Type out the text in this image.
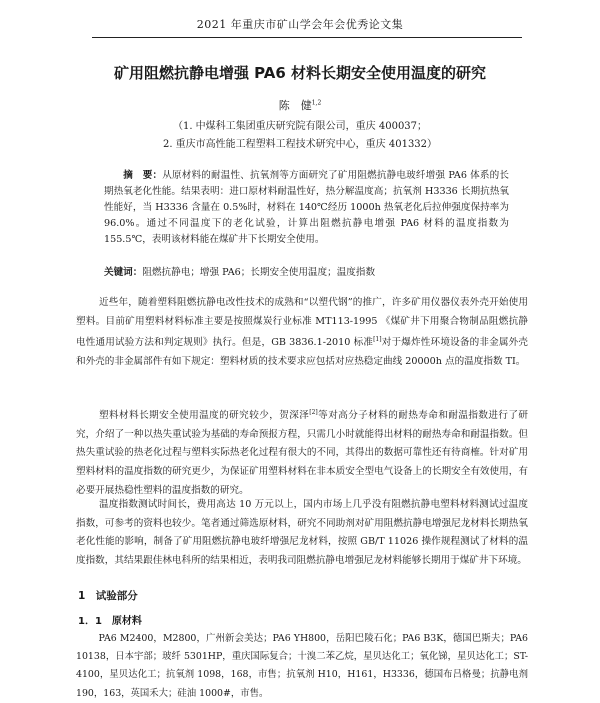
2021 年重庆市矿山学会年会优秀论文集
矿用阻燃抗静电增强 PA6 材料长期安全使用温度的研究
陈　健$^{1,2}$
（1. 中煤科工集团重庆研究院有限公司，重庆 400037；
2. 重庆市高性能工程塑料工程技术研究中心，重庆 401332）
摘　要：从原材料的耐温性、抗氧剂等方面研究了矿用阻燃抗静电玻纤增强 PA6 体系的长期热氧老化性能。结果表明：进口原材料耐温性好，热分解温度高；抗氧剂 H3336 长期抗热氧性能好，当 H3336 含量在 0.5%时，材料在 140℃经历 1000h 热氧老化后拉伸强度保持率为 96.0%。通过不同温度下的老化试验，计算出阻燃抗静电增强 PA6 材料的温度指数为 155.5℃，表明该材料能在煤矿井下长期安全使用。
关键词：阻燃抗静电；增强 PA6；长期安全使用温度；温度指数
近些年，随着塑料阻燃抗静电改性技术的成熟和“以塑代钢”的推广，许多矿用仪器仪表外壳开始使用塑料。目前矿用塑料材料标准主要是按照煤炭行业标准 MT113-1995 《煤矿井下用聚合物制品阻燃抗静电性通用试验方法和判定规则》执行。但是，GB 3836.1-2010 标准[1]对于爆炸性环境设备的非金属外壳和外壳的非金属部件有如下规定：塑料材质的技术要求应包括对应热稳定曲线 20000h 点的温度指数 TI。
塑料材料长期安全使用温度的研究较少，贺深泽[2]等对高分子材料的耐热寿命和耐温指数进行了研究，介绍了一种以热失重试验为基础的寿命预报方程，只需几小时就能得出材料的耐热寿命和耐温指数。但热失重试验的热老化过程与塑料实际热老化过程有很大的不同，其得出的数据可靠性还有待商榷。针对矿用塑料材料的温度指数的研究更少，为保证矿用塑料材料在非本质安全型电气设备上的长期安全有效使用，有必要开展热稳性塑料的温度指数的研究。
温度指数测试时间长，费用高达 10 万元以上，国内市场上几乎没有阻燃抗静电塑料材料测试过温度指数，可参考的资料也较少。笔者通过筛选原材料，研究不同助剂对矿用阻燃抗静电增强尼龙材料长期热氧老化性能的影响，制备了矿用阻燃抗静电玻纤增强尼龙材料，按照 GB/T 11026 操作规程测试了材料的温度指数，其结果跟佳林电科所的结果相近，表明我司阻燃抗静电增强尼龙材料能够长期用于煤矿井下环境。
1　试验部分
1．1　原材料
PA6 M2400，M2800，广州新会美达；PA6 YH800，岳阳巴陵石化；PA6 B3K，德国巴斯夫；PA6 10138，日本宇部；玻纤 5301HP，重庆国际复合；十溴二苯乙烷，星贝达化工；氧化锑，星贝达化工；ST-4100，星贝达化工；抗氧剂 1098，168，市售；抗氧剂 H10，H161，H3336，德国布吕格曼；抗静电剂 190，163，英国禾大；硅油 1000#，市售。
